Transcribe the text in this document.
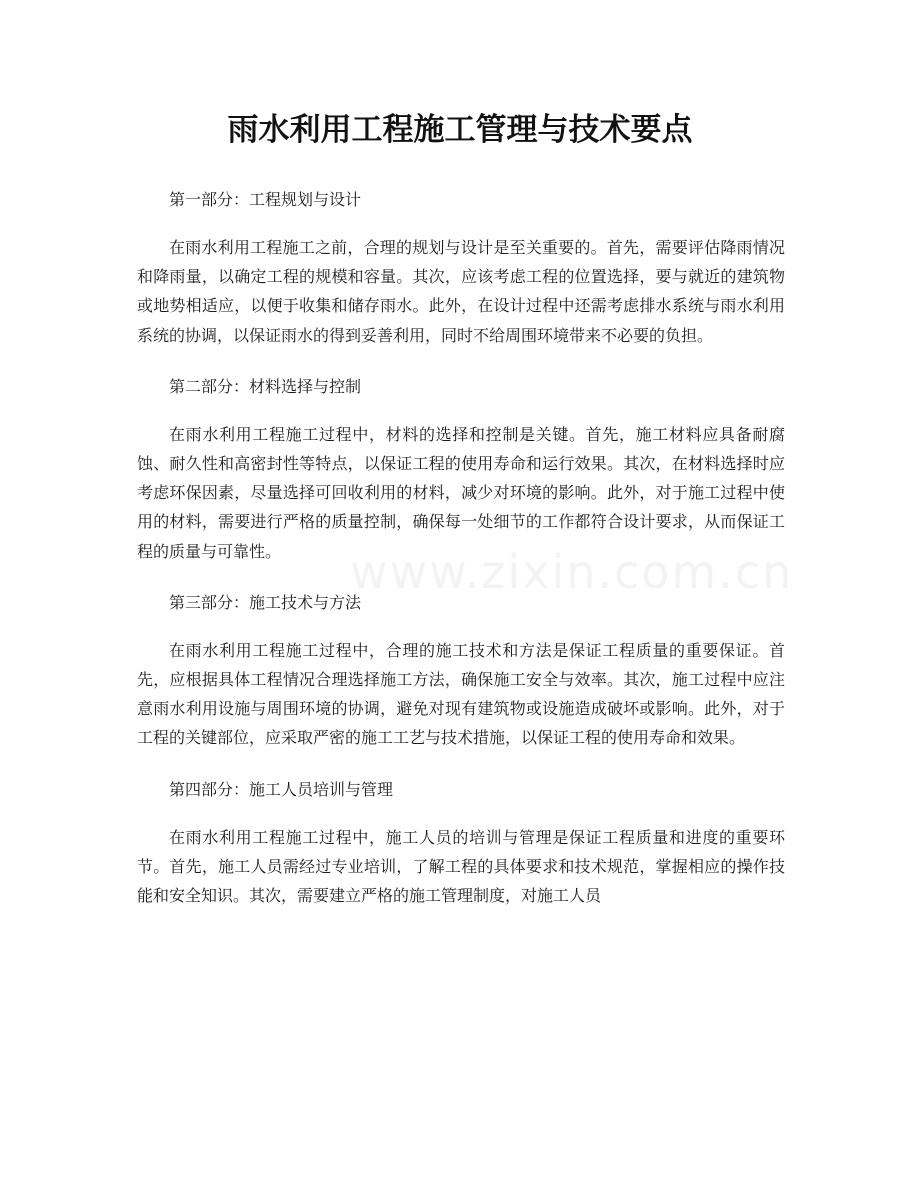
www.zixin.com.cn
雨水利用工程施工管理与技术要点

第一部分：工程规划与设计

在雨水利用工程施工之前，合理的规划与设计是至关重要的。首先，需要评估降雨情况和降雨量，以确定工程的规模和容量。其次，应该考虑工程的位置选择，要与就近的建筑物或地势相适应，以便于收集和储存雨水。此外，在设计过程中还需考虑排水系统与雨水利用系统的协调，以保证雨水的得到妥善利用，同时不给周围环境带来不必要的负担。

第二部分：材料选择与控制

在雨水利用工程施工过程中，材料的选择和控制是关键。首先，施工材料应具备耐腐蚀、耐久性和高密封性等特点，以保证工程的使用寿命和运行效果。其次，在材料选择时应考虑环保因素，尽量选择可回收利用的材料，减少对环境的影响。此外，对于施工过程中使用的材料，需要进行严格的质量控制，确保每一处细节的工作都符合设计要求，从而保证工程的质量与可靠性。

第三部分：施工技术与方法

在雨水利用工程施工过程中，合理的施工技术和方法是保证工程质量的重要保证。首先，应根据具体工程情况合理选择施工方法，确保施工安全与效率。其次，施工过程中应注意雨水利用设施与周围环境的协调，避免对现有建筑物或设施造成破坏或影响。此外，对于工程的关键部位，应采取严密的施工工艺与技术措施，以保证工程的使用寿命和效果。

第四部分：施工人员培训与管理

在雨水利用工程施工过程中，施工人员的培训与管理是保证工程质量和进度的重要环节。首先，施工人员需经过专业培训，了解工程的具体要求和技术规范，掌握相应的操作技能和安全知识。其次，需要建立严格的施工管理制度，对施工人员
